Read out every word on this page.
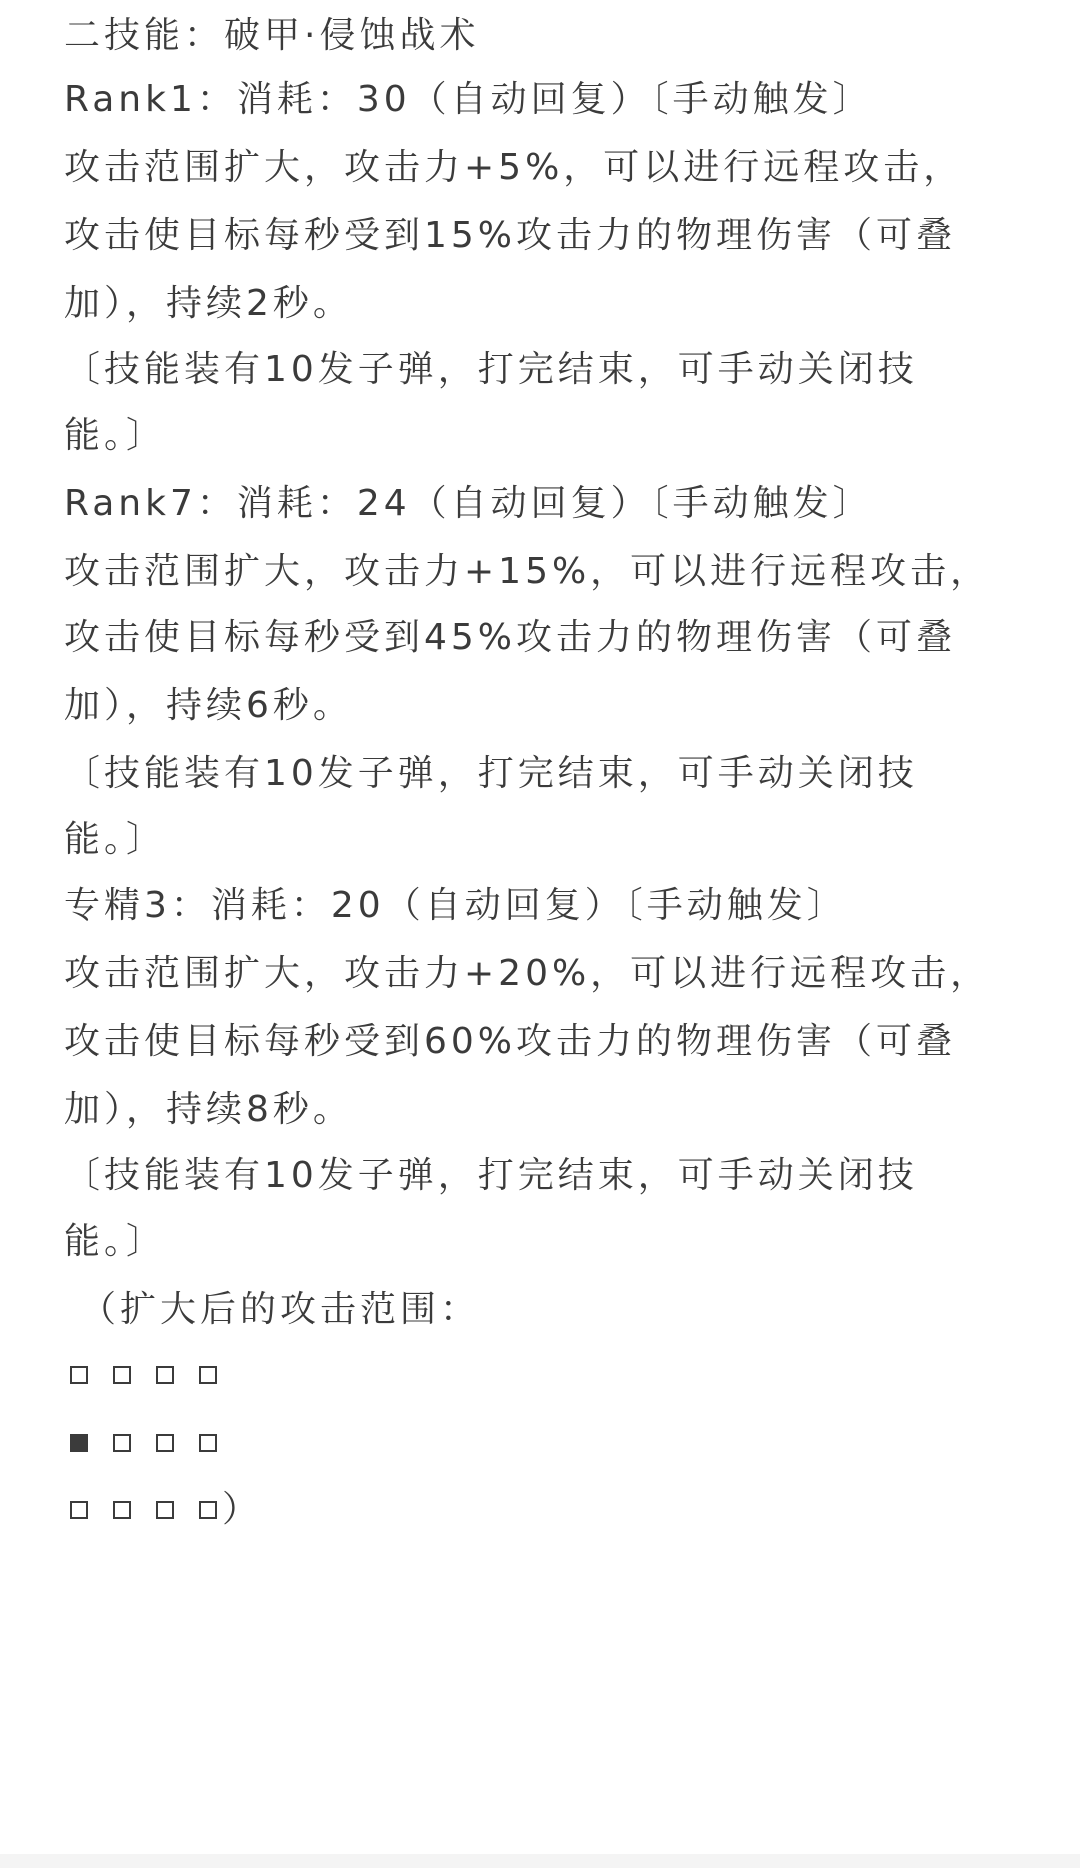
二技能：破甲·侵蚀战术
Rank1：消耗：30（自动回复）〔手动触发〕
攻击范围扩大，攻击力+5%，可以进行远程攻击，
攻击使目标每秒受到15%攻击力的物理伤害（可叠
加），持续2秒。
〔技能装有10发子弹，打完结束，可手动关闭技
能。〕
Rank7：消耗：24（自动回复）〔手动触发〕
攻击范围扩大，攻击力+15%，可以进行远程攻击，
攻击使目标每秒受到45%攻击力的物理伤害（可叠
加），持续6秒。
〔技能装有10发子弹，打完结束，可手动关闭技
能。〕
专精3：消耗：20（自动回复）〔手动触发〕
攻击范围扩大，攻击力+20%，可以进行远程攻击，
攻击使目标每秒受到60%攻击力的物理伤害（可叠
加），持续8秒。
〔技能装有10发子弹，打完结束，可手动关闭技
能。〕
（扩大后的攻击范围：
）
